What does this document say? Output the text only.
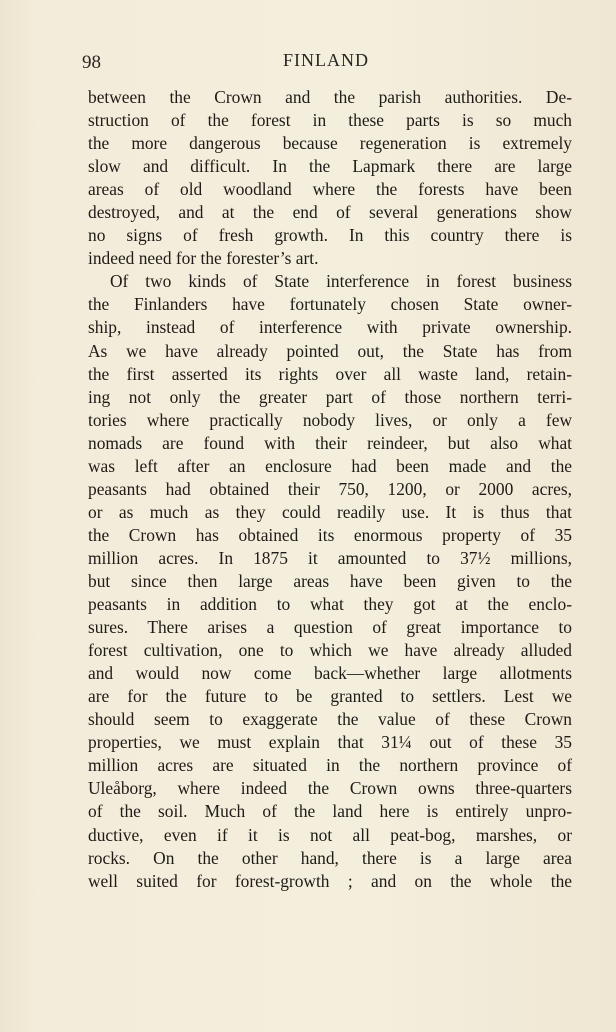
98	FINLAND
between the Crown and the parish authorities. De-
struction of the forest in these parts is so much
the more dangerous because regeneration is extremely
slow and difficult. In the Lapmark there are large
areas of old woodland where the forests have been
destroyed, and at the end of several generations show
no signs of fresh growth. In this country there is
indeed need for the forester’s art.
Of two kinds of State interference in forest business
the Finlanders have fortunately chosen State owner-
ship, instead of interference with private ownership.
As we have already pointed out, the State has from
the first asserted its rights over all waste land, retain-
ing not only the greater part of those northern terri-
tories where practically nobody lives, or only a few
nomads are found with their reindeer, but also what
was left after an enclosure had been made and the
peasants had obtained their 750, 1200, or 2000 acres,
or as much as they could readily use. It is thus that
the Crown has obtained its enormous property of 35
million acres. In 1875 it amounted to 37½ millions,
but since then large areas have been given to the
peasants in addition to what they got at the enclo-
sures. There arises a question of great importance to
forest cultivation, one to which we have already alluded
and would now come back—whether large allotments
are for the future to be granted to settlers. Lest we
should seem to exaggerate the value of these Crown
properties, we must explain that 31¼ out of these 35
million acres are situated in the northern province of
Uleåborg, where indeed the Crown owns three-quarters
of the soil. Much of the land here is entirely unpro-
ductive, even if it is not all peat-bog, marshes, or
rocks. On the other hand, there is a large area
well suited for forest-growth ; and on the whole the
